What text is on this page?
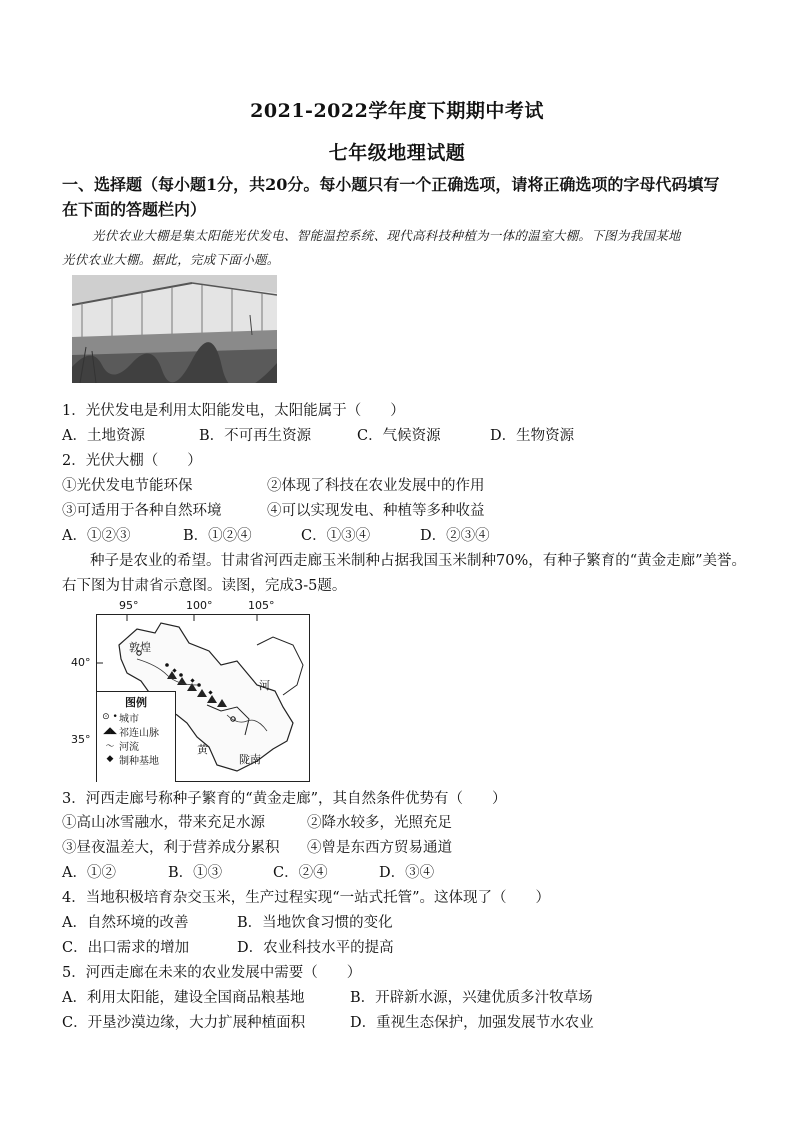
2021-2022学年度下期期中考试
七年级地理试题
一、选择题（每小题1分，共20分。每小题只有一个正确选项，请将正确选项的字母代码填写
在下面的答题栏内）
光伏农业大棚是集太阳能光伏发电、智能温控系统、现代高科技种植为一体的温室大棚。下图为我国某地
光伏农业大棚。据此，完成下面小题。
1．光伏发电是利用太阳能发电，太阳能属于（　　）
A．土地资源	B．不可再生资源	C．气候资源	D．生物资源
2．光伏大棚（　　）
①光伏发电节能环保	②体现了科技在农业发展中的作用
③可适用于各种自然环境	④可以实现发电、种植等多种收益
A．①②③	B．①②④	C．①③④	D．②③④
种子是农业的希望。甘肃省河西走廊玉米制种占据我国玉米制种70%，有种子繁育的“黄金走廊”美誉。
右下图为甘肃省示意图。读图，完成3-5题。
95°	100°	105°
40°
35°
敦煌
河
黄
陇南
图例
⊙ • 城市
◢◣ 祁连山脉
〜 河流
◆ 制种基地
3．河西走廊号称种子繁育的“黄金走廊”，其自然条件优势有（　　）
①高山冰雪融水，带来充足水源	②降水较多，光照充足
③昼夜温差大，利于营养成分累积 ④曾是东西方贸易通道
A．①②	B．①③	C．②④	D．③④
4．当地积极培育杂交玉米，生产过程实现“一站式托管”。这体现了（　　）
A．自然环境的改善	B．当地饮食习惯的变化
C．出口需求的增加	D．农业科技水平的提高
5．河西走廊在未来的农业发展中需要（　　）
A．利用太阳能，建设全国商品粮基地	B．开辟新水源，兴建优质多汁牧草场
C．开垦沙漠边缘，大力扩展种植面积	D．重视生态保护，加强发展节水农业
